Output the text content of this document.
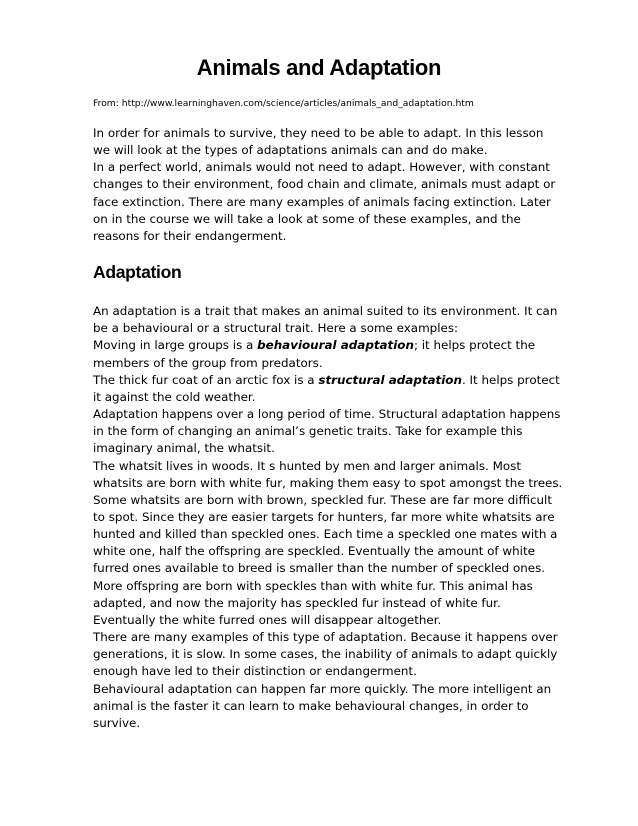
Animals and Adaptation
From: http://www.learninghaven.com/science/articles/animals_and_adaptation.htm
In order for animals to survive, they need to be able to adapt. In this lesson we will look at the types of adaptations animals can and do make.
In a perfect world, animals would not need to adapt. However, with constant changes to their environment, food chain and climate, animals must adapt or face extinction. There are many examples of animals facing extinction. Later on in the course we will take a look at some of these examples, and the reasons for their endangerment.
Adaptation
An adaptation is a trait that makes an animal suited to its environment. It can be a behavioural or a structural trait. Here a some examples:
Moving in large groups is a behavioural adaptation; it helps protect the members of the group from predators.
The thick fur coat of an arctic fox is a structural adaptation. It helps protect it against the cold weather.
Adaptation happens over a long period of time. Structural adaptation happens in the form of changing an animal’s genetic traits. Take for example this imaginary animal, the whatsit.
The whatsit lives in woods. It s hunted by men and larger animals. Most whatsits are born with white fur, making them easy to spot amongst the trees. Some whatsits are born with brown, speckled fur. These are far more difficult to spot. Since they are easier targets for hunters, far more white whatsits are hunted and killed than speckled ones. Each time a speckled one mates with a white one, half the offspring are speckled. Eventually the amount of white furred ones available to breed is smaller than the number of speckled ones. More offspring are born with speckles than with white fur. This animal has adapted, and now the majority has speckled fur instead of white fur. Eventually the white furred ones will disappear altogether.
There are many examples of this type of adaptation. Because it happens over generations, it is slow. In some cases, the inability of animals to adapt quickly enough have led to their distinction or endangerment.
Behavioural adaptation can happen far more quickly. The more intelligent an animal is the faster it can learn to make behavioural changes, in order to survive.
